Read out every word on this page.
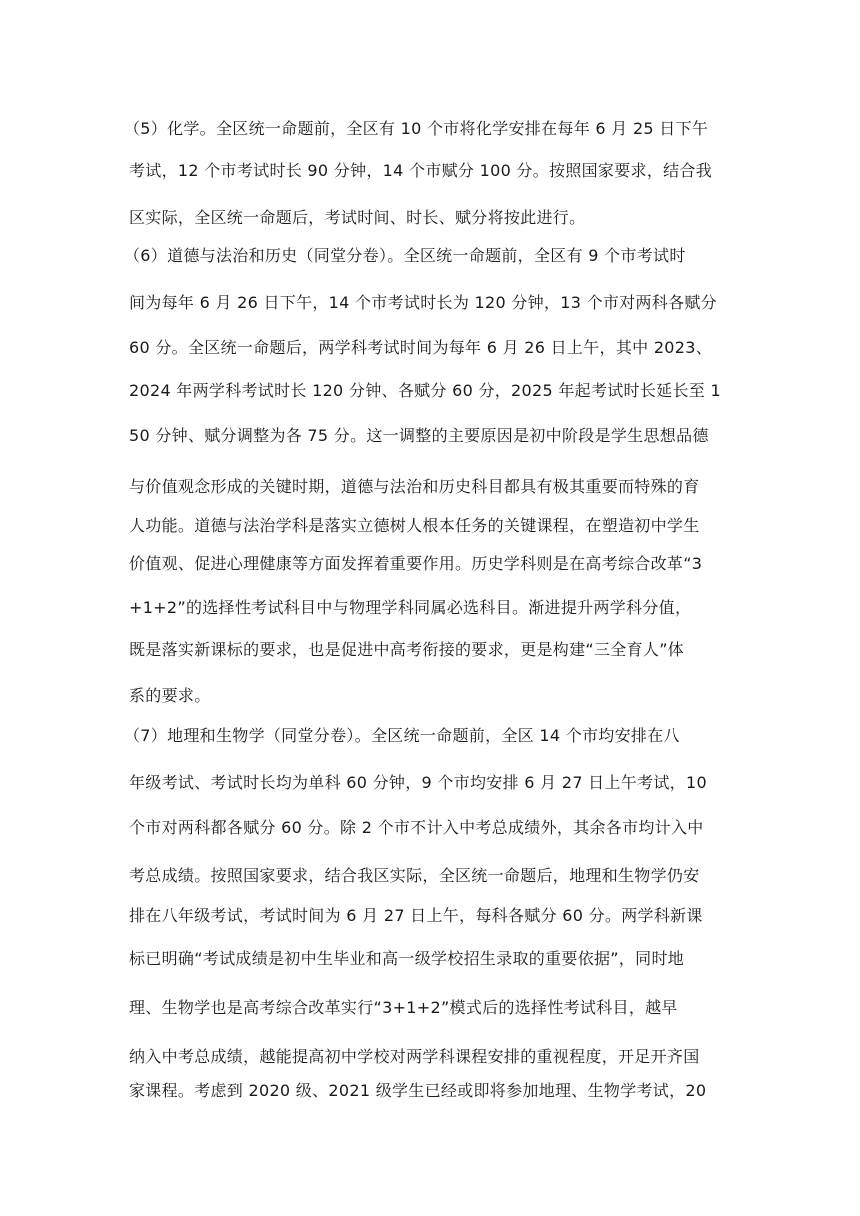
（5）化学。全区统一命题前，全区有 10 个市将化学安排在每年 6 月 25 日下午
考试，12 个市考试时长 90 分钟，14 个市赋分 100 分。按照国家要求，结合我
区实际，全区统一命题后，考试时间、时长、赋分将按此进行。
（6）道德与法治和历史（同堂分卷）。全区统一命题前，全区有 9 个市考试时
间为每年 6 月 26 日下午，14 个市考试时长为 120 分钟，13 个市对两科各赋分
60 分。全区统一命题后，两学科考试时间为每年 6 月 26 日上午，其中 2023、
2024 年两学科考试时长 120 分钟、各赋分 60 分，2025 年起考试时长延长至 1
50 分钟、赋分调整为各 75 分。这一调整的主要原因是初中阶段是学生思想品德
与价值观念形成的关键时期，道德与法治和历史科目都具有极其重要而特殊的育
人功能。道德与法治学科是落实立德树人根本任务的关键课程，在塑造初中学生
价值观、促进心理健康等方面发挥着重要作用。历史学科则是在高考综合改革“3
+1+2”的选择性考试科目中与物理学科同属必选科目。渐进提升两学科分值，
既是落实新课标的要求，也是促进中高考衔接的要求，更是构建“三全育人”体
系的要求。
（7）地理和生物学（同堂分卷）。全区统一命题前，全区 14 个市均安排在八
年级考试、考试时长均为单科 60 分钟，9 个市均安排 6 月 27 日上午考试，10
个市对两科都各赋分 60 分。除 2 个市不计入中考总成绩外，其余各市均计入中
考总成绩。按照国家要求，结合我区实际，全区统一命题后，地理和生物学仍安
排在八年级考试，考试时间为 6 月 27 日上午，每科各赋分 60 分。两学科新课
标已明确“考试成绩是初中生毕业和高一级学校招生录取的重要依据”，同时地
理、生物学也是高考综合改革实行“3+1+2”模式后的选择性考试科目，越早
纳入中考总成绩，越能提高初中学校对两学科课程安排的重视程度，开足开齐国
家课程。考虑到 2020 级、2021 级学生已经或即将参加地理、生物学考试，20
